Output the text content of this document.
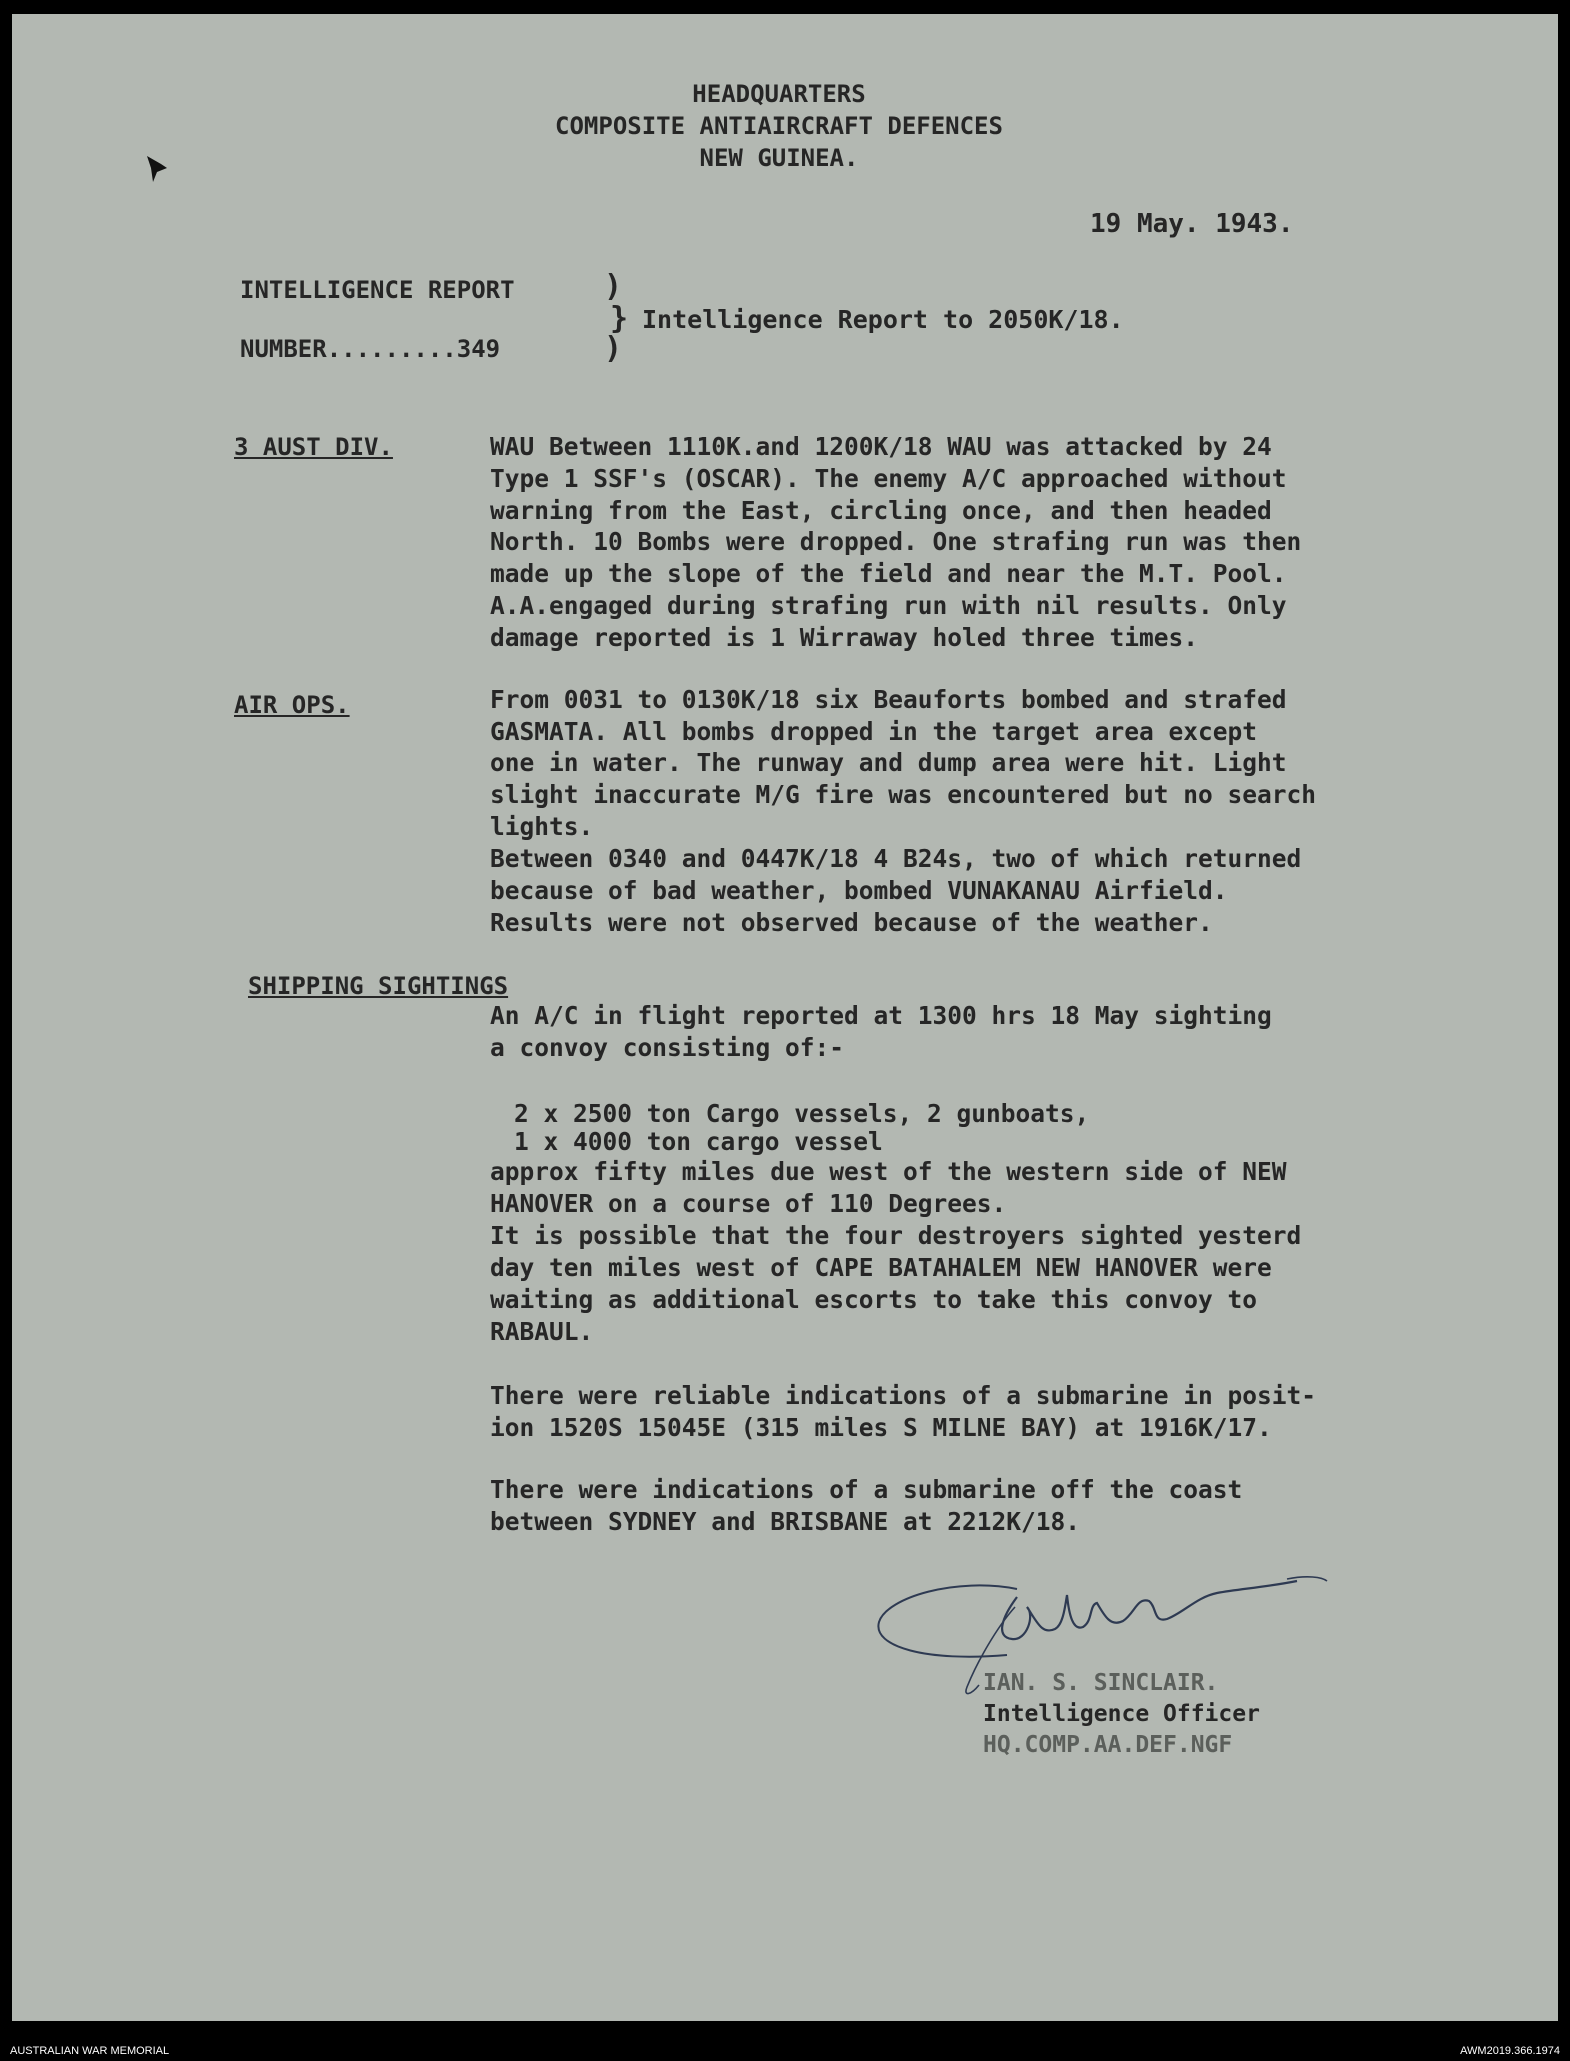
HEADQUARTERS
COMPOSITE ANTIAIRCRAFT DEFENCES
NEW GUINEA.
19 May. 1943.
INTELLIGENCE REPORT
NUMBER.........349
)
}
)
Intelligence Report to 2050K/18.
3 AUST DIV.	WAU Between 1110K.and 1200K/18 WAU was attacked by 24
Type 1 SSF's (OSCAR). The enemy A/C approached without
warning from the East, circling once, and then headed
North. 10 Bombs were dropped. One strafing run was then
made up the slope of the field and near the M.T. Pool.
A.A.engaged during strafing run with nil results. Only
damage reported is 1 Wirraway holed three times.
AIR OPS.	From 0031 to 0130K/18 six Beauforts bombed and strafed
GASMATA. All bombs dropped in the target area except
one in water. The runway and dump area were hit. Light
slight inaccurate M/G fire was encountered but no search
lights.
Between 0340 and 0447K/18 4 B24s, two of which returned
because of bad weather, bombed VUNAKANAU Airfield.
Results were not observed because of the weather.
SHIPPING SIGHTINGS
An A/C in flight reported at 1300 hrs 18 May sighting
a convoy consisting of:-
2 x 2500 ton Cargo vessels, 2 gunboats,
1 x 4000 ton cargo vessel
approx fifty miles due west of the western side of NEW
HANOVER on a course of 110 Degrees.
It is possible that the four destroyers sighted yesterd
day ten miles west of CAPE BATAHALEM NEW HANOVER were
waiting as additional escorts to take this convoy to
RABAUL.
There were reliable indications of a submarine in posit-
ion 1520S 15045E (315 miles S MILNE BAY) at 1916K/17.
There were indications of a submarine off the coast
between SYDNEY and BRISBANE at 2212K/18.
IAN. S. SINCLAIR.
Intelligence Officer
HQ.COMP.AA.DEF.NGF
AUSTRALIAN WAR MEMORIAL	AWM2019.366.1974
